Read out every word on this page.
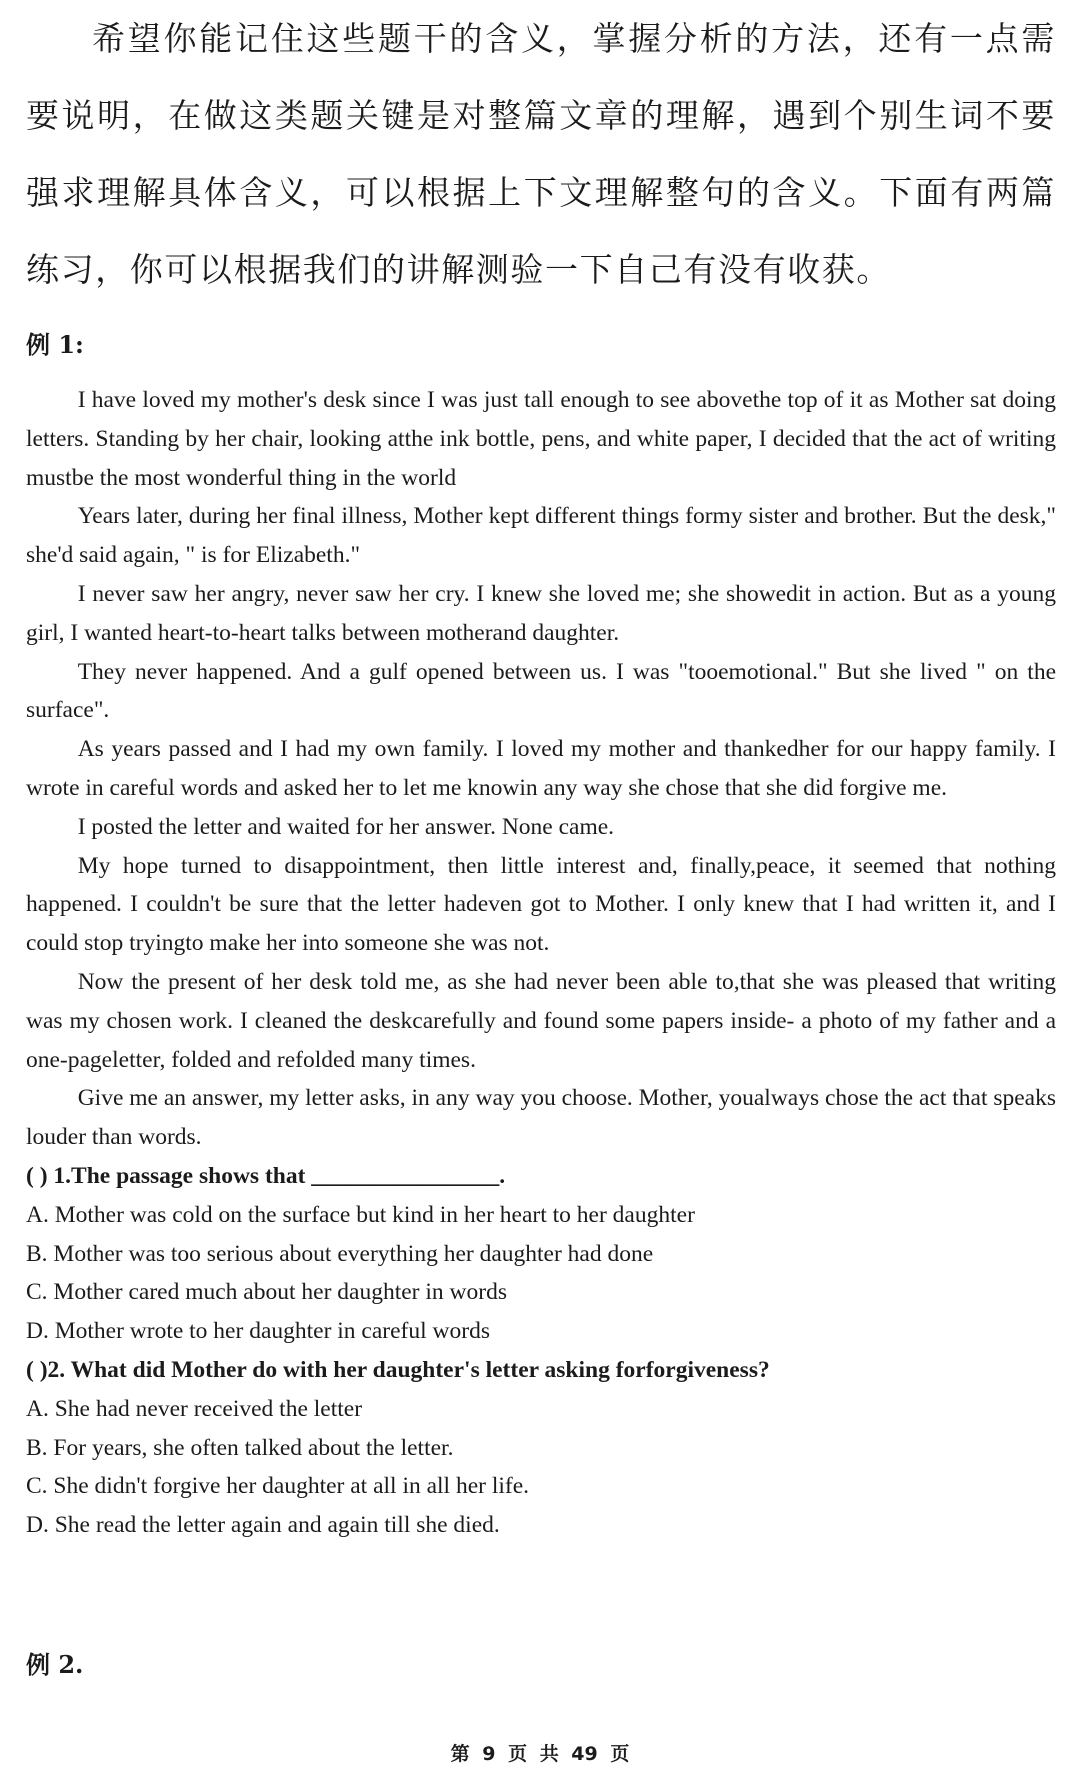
希望你能记住这些题干的含义，掌握分析的方法，还有一点需要说明，在做这类题关键是对整篇文章的理解，遇到个别生词不要强求理解具体含义，可以根据上下文理解整句的含义。下面有两篇练习，你可以根据我们的讲解测验一下自己有没有收获。
例 1:

I have loved my mother's desk since I was just tall enough to see abovethe top of it as Mother sat doing letters. Standing by her chair, looking atthe ink bottle, pens, and white paper, I decided that the act of writing mustbe the most wonderful thing in the world

Years later, during her final illness, Mother kept different things formy sister and brother. But the desk," she'd said again, " is for Elizabeth."

I never saw her angry, never saw her cry. I knew she loved me; she showedit in action. But as a young girl, I wanted heart-to-heart talks between motherand daughter.

They never happened. And a gulf opened between us. I was "tooemotional." But she lived " on the surface".

As years passed and I had my own family. I loved my mother and thankedher for our happy family. I wrote in careful words and asked her to let me knowin any way she chose that she did forgive me.

I posted the letter and waited for her answer. None came.

My hope turned to disappointment, then little interest and, finally,peace, it seemed that nothing happened. I couldn't be sure that the letter hadeven got to Mother. I only knew that I had written it, and I could stop tryingto make her into someone she was not.

Now the present of her desk told me, as she had never been able to,that she was pleased that writing was my chosen work. I cleaned the deskcarefully and found some papers inside- a photo of my father and a one-pageletter, folded and refolded many times.

Give me an answer, my letter asks, in any way you choose. Mother, youalways chose the act that speaks louder than words.

( ) 1.The passage shows that ________________.

A. Mother was cold on the surface but kind in her heart to her daughter

B. Mother was too serious about everything her daughter had done

C. Mother cared much about her daughter in words

D. Mother wrote to her daughter in careful words

( )2. What did Mother do with her daughter's letter asking forforgiveness?

A. She had never received the letter

B. For years, she often talked about the letter.

C. She didn't forgive her daughter at all in all her life.

D. She read the letter again and again till she died.

例 2.
第 9 页 共 49 页
